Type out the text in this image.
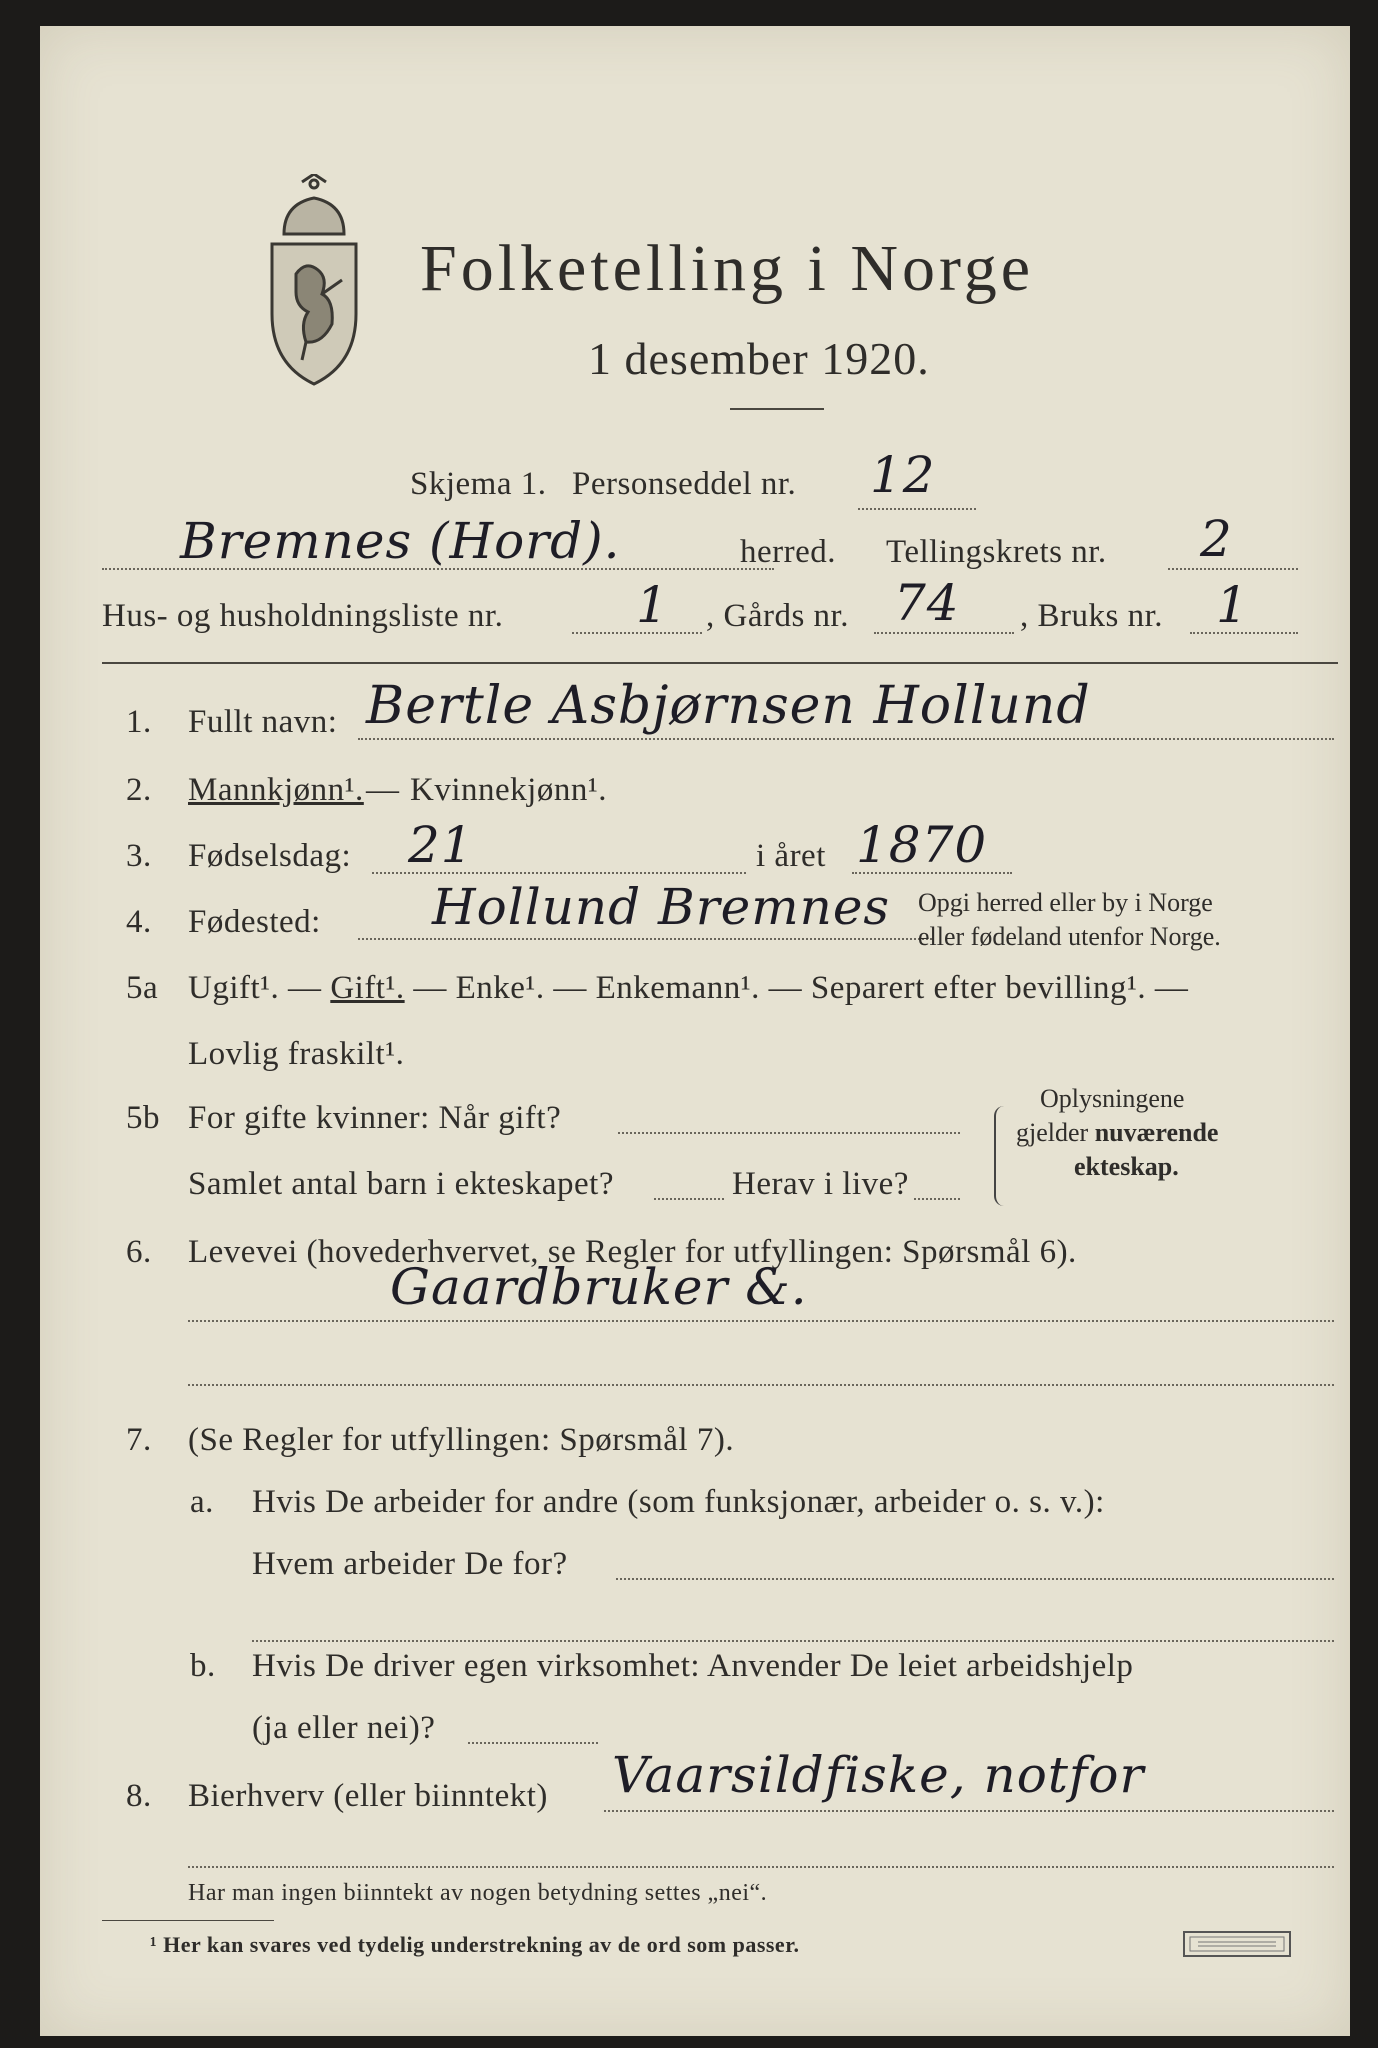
Folketelling i Norge
1 desember 1920.
Skjema 1. Personseddel nr. 12
Bremnes (Hord).	herred. Tellingskrets nr. 2
Hus- og husholdningsliste nr.	1 , Gårds nr. 74 , Bruks nr. 1
1. Fullt navn: Bertle Asbjørnsen Hollund
2. Mannkjønn¹. — Kvinnekjønn¹.
3. Fødselsdag: 21	i året 1870
4. Fødested: Hollund Bremnes Opgi herred eller by i Norge
eller fødeland utenfor Norge.
5a Ugift¹. — Gift¹. — Enke¹. — Enkemann¹. — Separert efter bevilling¹. —
Lovlig fraskilt¹.
5b For gifte kvinner: Når gift?
Samlet antal barn i ekteskapet?	Herav i live?
Oplysningene
gjelder nuværende
ekteskap.
6. Levevei (hovederhvervet, se Regler for utfyllingen: Spørsmål 6).
Gaardbruker &.
7. (Se Regler for utfyllingen: Spørsmål 7).
a. Hvis De arbeider for andre (som funksjonær, arbeider o. s. v.):
Hvem arbeider De for?
b. Hvis De driver egen virksomhet: Anvender De leiet arbeidshjelp
(ja eller nei)?
8. Bierhverv (eller biinntekt) Vaarsildfiske, notfor
Har man ingen biinntekt av nogen betydning settes „nei“.
¹ Her kan svares ved tydelig understrekning av de ord som passer.
